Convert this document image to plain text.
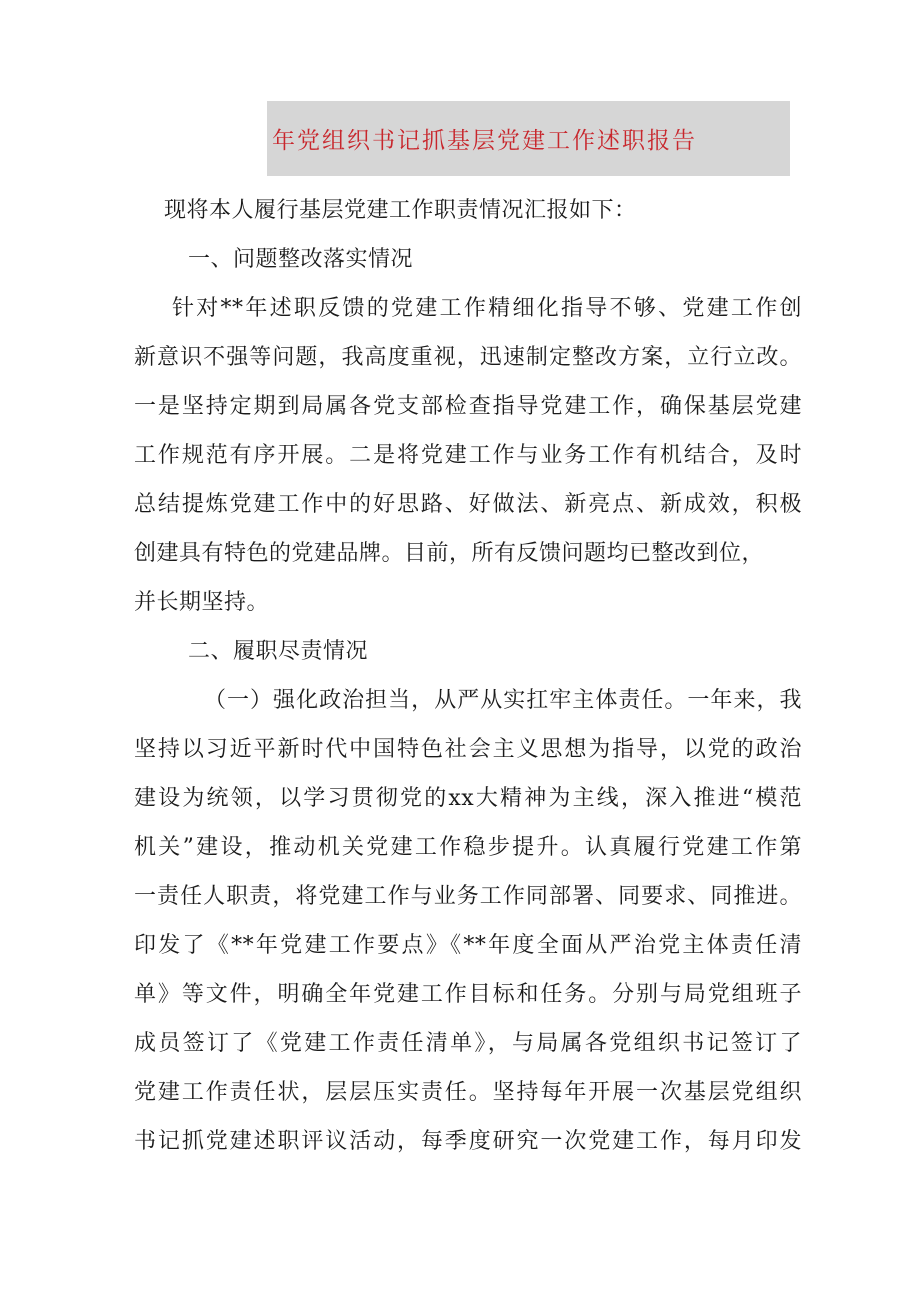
年党组织书记抓基层党建工作述职报告
现将本人履行基层党建工作职责情况汇报如下：
一、问题整改落实情况
针对**年述职反馈的党建工作精细化指导不够、党建工作创
新意识不强等问题，我高度重视，迅速制定整改方案，立行立改。
一是坚持定期到局属各党支部检查指导党建工作，确保基层党建
工作规范有序开展。二是将党建工作与业务工作有机结合，及时
总结提炼党建工作中的好思路、好做法、新亮点、新成效，积极
创建具有特色的党建品牌。目前，所有反馈问题均已整改到位，
并长期坚持。
二、履职尽责情况
（一）强化政治担当，从严从实扛牢主体责任。一年来，我
坚持以习近平新时代中国特色社会主义思想为指导，以党的政治
建设为统领，以学习贯彻党的xx大精神为主线，深入推进“模范
机关”建设，推动机关党建工作稳步提升。认真履行党建工作第
一责任人职责，将党建工作与业务工作同部署、同要求、同推进。
印发了《**年党建工作要点》《**年度全面从严治党主体责任清
单》等文件，明确全年党建工作目标和任务。分别与局党组班子
成员签订了《党建工作责任清单》，与局属各党组织书记签订了
党建工作责任状，层层压实责任。坚持每年开展一次基层党组织
书记抓党建述职评议活动，每季度研究一次党建工作，每月印发
